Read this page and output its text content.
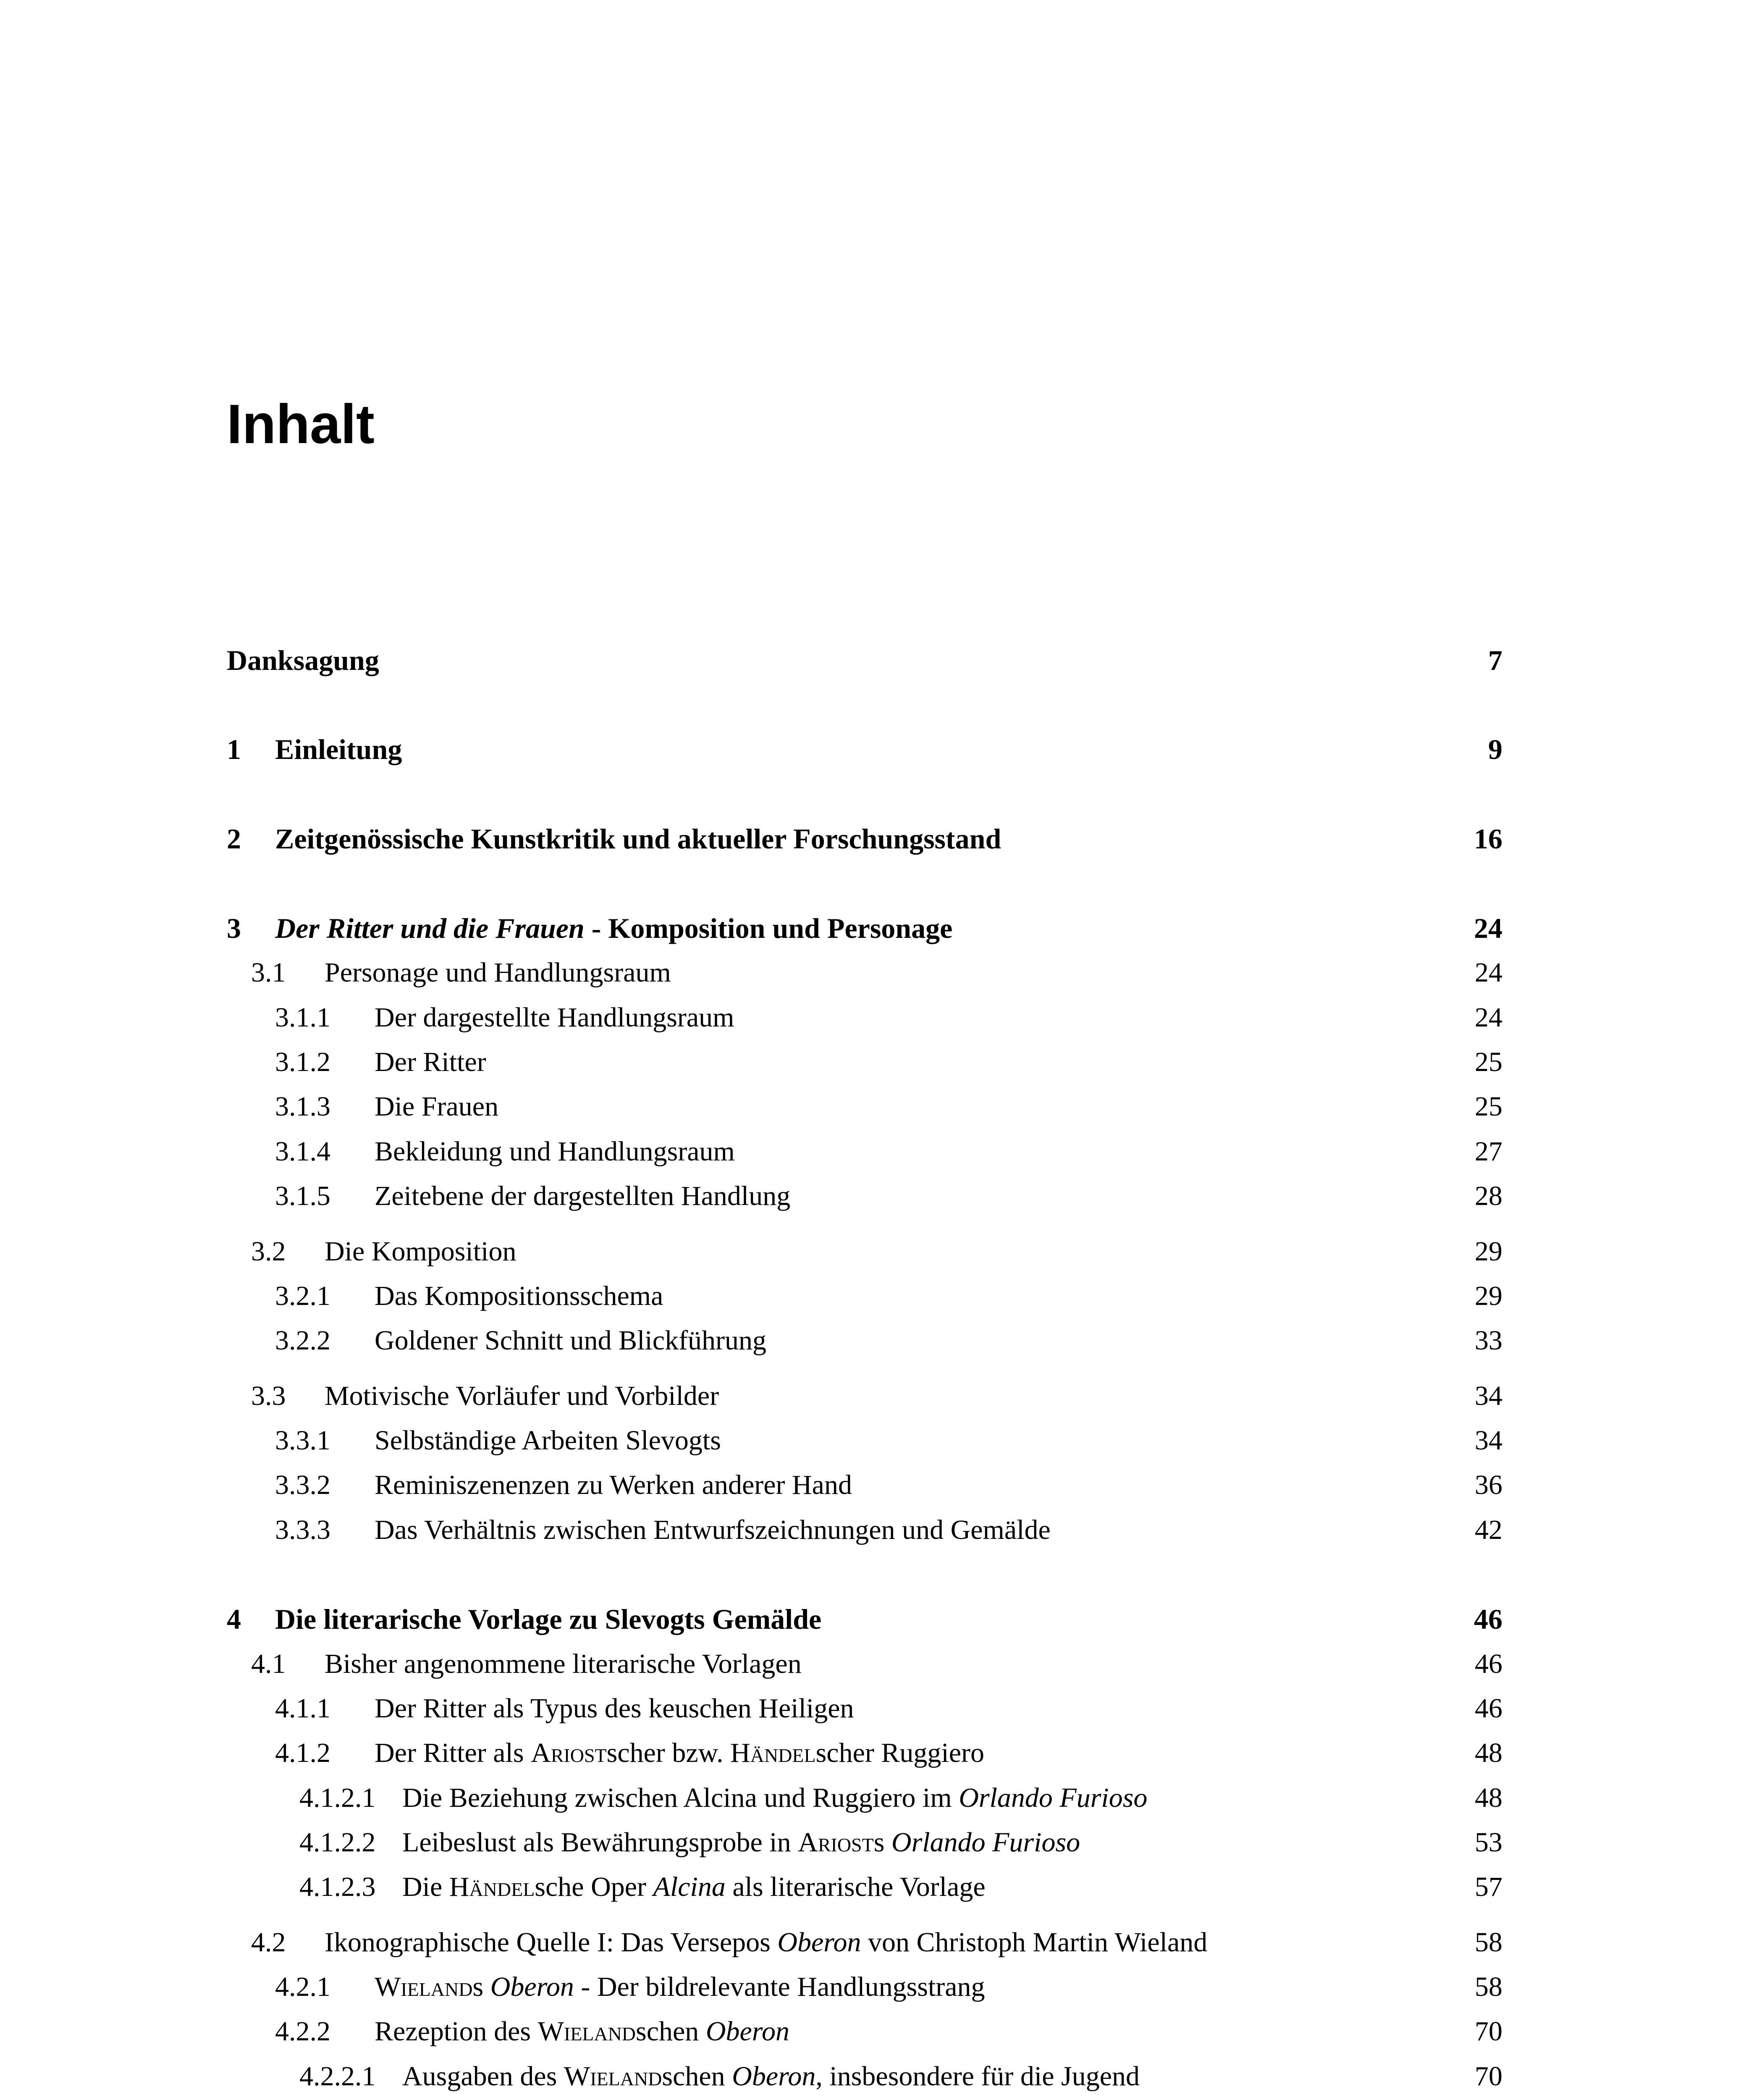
Inhalt
Danksagung	7
1 Einleitung	9
2 Zeitgenössische Kunstkritik und aktueller Forschungsstand	16
3 Der Ritter und die Frauen - Komposition und Personage	24
3.1 Personage und Handlungsraum	24
3.1.1 Der dargestellte Handlungsraum	24
3.1.2 Der Ritter	25
3.1.3 Die Frauen	25
3.1.4 Bekleidung und Handlungsraum	27
3.1.5 Zeitebene der dargestellten Handlung	28
3.2 Die Komposition	29
3.2.1 Das Kompositionsschema	29
3.2.2 Goldener Schnitt und Blickführung	33
3.3 Motivische Vorläufer und Vorbilder	34
3.3.1 Selbständige Arbeiten Slevogts	34
3.3.2 Reminiszenenzen zu Werken anderer Hand	36
3.3.3 Das Verhältnis zwischen Entwurfszeichnungen und Gemälde	42
4 Die literarische Vorlage zu Slevogts Gemälde	46
4.1 Bisher angenommene literarische Vorlagen	46
4.1.1 Der Ritter als Typus des keuschen Heiligen	46
4.1.2 Der Ritter als Ariostscher bzw. Händelscher Ruggiero	48
4.1.2.1 Die Beziehung zwischen Alcina und Ruggiero im Orlando Furioso	48
4.1.2.2 Leibeslust als Bewährungsprobe in Ariosts Orlando Furioso	53
4.1.2.3 Die Händelsche Oper Alcina als literarische Vorlage	57
4.2 Ikonographische Quelle I: Das Versepos Oberon von Christoph Martin Wieland	58
4.2.1 Wielands Oberon - Der bildrelevante Handlungsstrang	58
4.2.2 Rezeption des Wielandschen Oberon	70
4.2.2.1 Ausgaben des Wielandschen Oberon, insbesondere für die Jugend	70
